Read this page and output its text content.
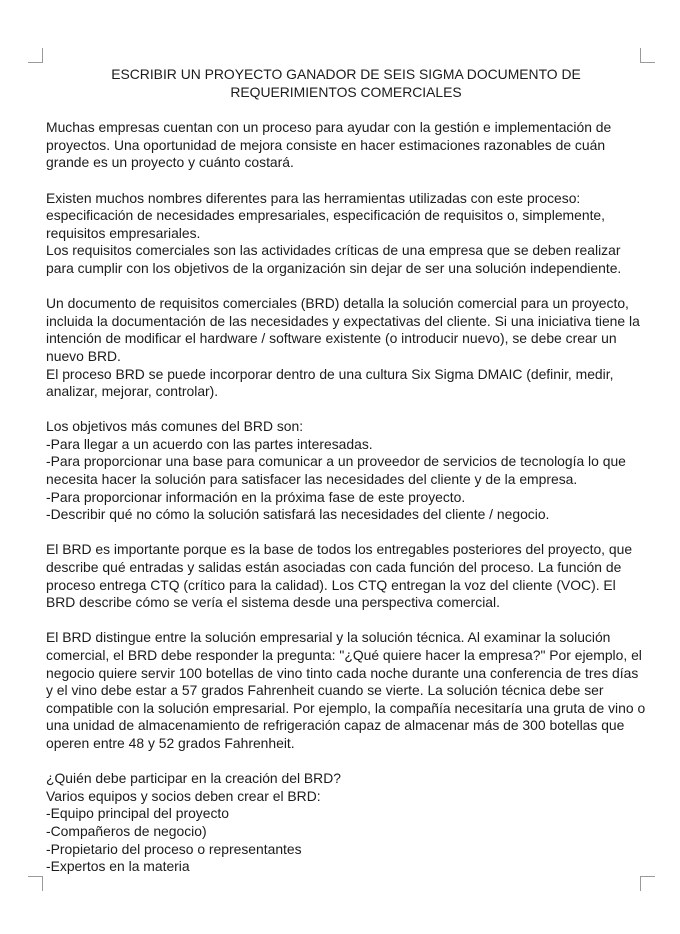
ESCRIBIR UN PROYECTO GANADOR DE SEIS SIGMA DOCUMENTO DE
REQUERIMIENTOS COMERCIALES

Muchas empresas cuentan con un proceso para ayudar con la gestión e implementación de proyectos. Una oportunidad de mejora consiste en hacer estimaciones razonables de cuán grande es un proyecto y cuánto costará.

Existen muchos nombres diferentes para las herramientas utilizadas con este proceso: especificación de necesidades empresariales, especificación de requisitos o, simplemente, requisitos empresariales.

Los requisitos comerciales son las actividades críticas de una empresa que se deben realizar para cumplir con los objetivos de la organización sin dejar de ser una solución independiente.

Un documento de requisitos comerciales (BRD) detalla la solución comercial para un proyecto, incluida la documentación de las necesidades y expectativas del cliente. Si una iniciativa tiene la intención de modificar el hardware / software existente (o introducir nuevo), se debe crear un nuevo BRD.

El proceso BRD se puede incorporar dentro de una cultura Six Sigma DMAIC (definir, medir, analizar, mejorar, controlar).

Los objetivos más comunes del BRD son:
-Para llegar a un acuerdo con las partes interesadas.
-Para proporcionar una base para comunicar a un proveedor de servicios de tecnología lo que necesita hacer la solución para satisfacer las necesidades del cliente y de la empresa.
-Para proporcionar información en la próxima fase de este proyecto.
-Describir qué no cómo la solución satisfará las necesidades del cliente / negocio.

El BRD es importante porque es la base de todos los entregables posteriores del proyecto, que describe qué entradas y salidas están asociadas con cada función del proceso. La función de proceso entrega CTQ (crítico para la calidad). Los CTQ entregan la voz del cliente (VOC). El BRD describe cómo se vería el sistema desde una perspectiva comercial.

El BRD distingue entre la solución empresarial y la solución técnica. Al examinar la solución comercial, el BRD debe responder la pregunta: "¿Qué quiere hacer la empresa?" Por ejemplo, el negocio quiere servir 100 botellas de vino tinto cada noche durante una conferencia de tres días y el vino debe estar a 57 grados Fahrenheit cuando se vierte. La solución técnica debe ser compatible con la solución empresarial. Por ejemplo, la compañía necesitaría una gruta de vino o una unidad de almacenamiento de refrigeración capaz de almacenar más de 300 botellas que operen entre 48 y 52 grados Fahrenheit.

¿Quién debe participar en la creación del BRD?
Varios equipos y socios deben crear el BRD:
-Equipo principal del proyecto
-Compañeros de negocio)
-Propietario del proceso o representantes
-Expertos en la materia
